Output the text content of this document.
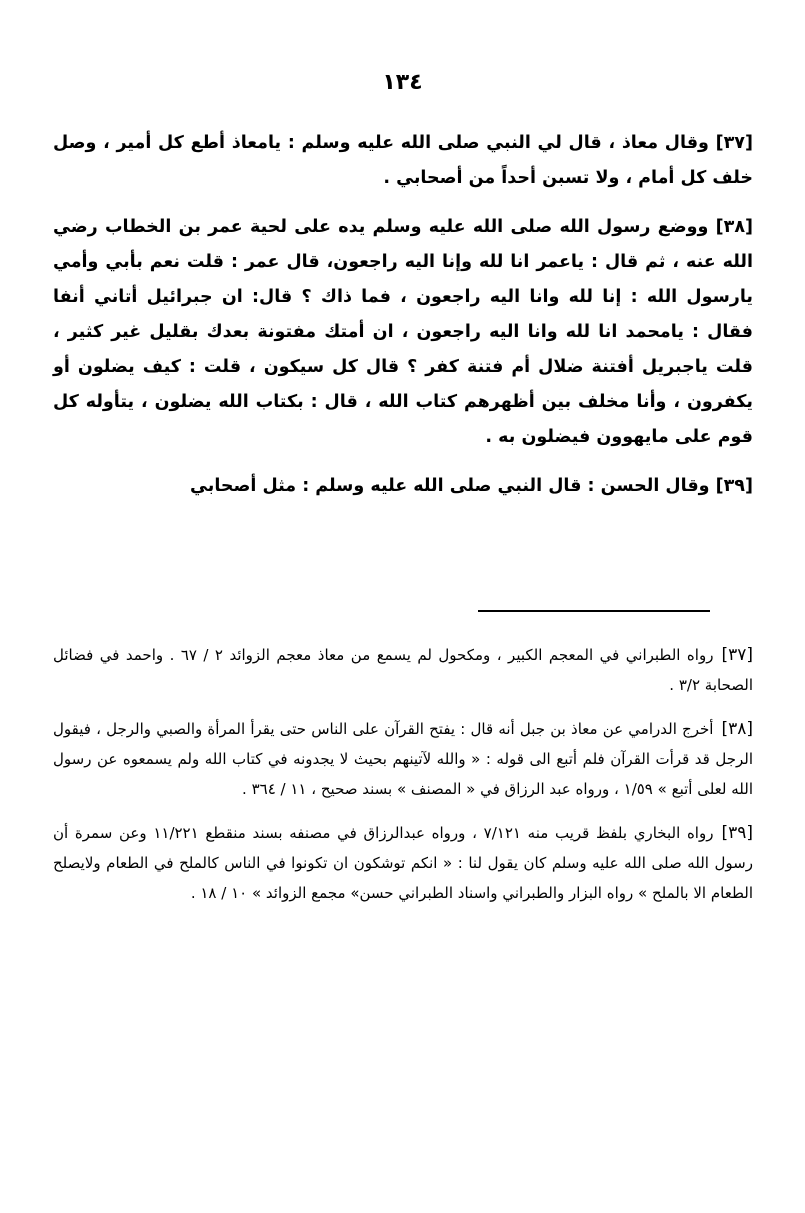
١٣٤

[٣٧] وقال معاذ ، قال لي النبي صلى الله عليه وسلم : يامعاذ أطع كل أمير ، وصل خلف كل أمام ، ولا تسبن أحداً من أصحابي .

[٣٨] ووضع رسول الله صلى الله عليه وسلم يده على لحية عمر بن الخطاب رضي الله عنه ، ثم قال : ياعمر انا لله وإنا اليه راجعون، قال عمر : قلت نعم بأبي وأمي يارسول الله : إنا لله وانا اليه راجعون ، فما ذاك ؟ قال: ان جبرائيل أتاني أنفا فقال : يامحمد انا لله وانا اليه راجعون ، ان أمتك مفتونة بعدك بقليل غير كثير ، قلت ياجبريل أفتنة ضلال أم فتنة كفر ؟ قال كل سيكون ، قلت : كيف يضلون أو يكفرون ، وأنا مخلف بين أظهرهم كتاب الله ، قال : بكتاب الله يضلون ، يتأوله كل قوم على مايهوون فيضلون به .

[٣٩] وقال الحسن : قال النبي صلى الله عليه وسلم : مثل أصحابي

[٣٧]رواه الطبراني في المعجم الكبير ، ومكحول لم يسمع من معاذ معجم الزوائد ٢ / ٦٧ . واحمد في فضائل الصحابة ٣/٢ .
[٣٨]أخرج الدرامي عن معاذ بن جبل أنه قال : يفتح القرآن على الناس حتى يقرأ المرأة والصبي والرجل ، فيقول الرجل قد قرأت القرآن فلم أتبع الى قوله : « والله لآتينهم بحيث لا يجدونه في كتاب الله ولم يسمعوه عن رسول الله لعلى أتبع » ١/٥٩ ، ورواه عبد الرزاق في « المصنف » بسند صحيح ، ١١ / ٣٦٤ .
[٣٩]رواه البخاري بلفظ قريب منه ٧/١٢١ ، ورواه عبدالرزاق في مصنفه بسند منقطع ١١/٢٢١ وعن سمرة أن رسول الله صلى الله عليه وسلم كان يقول لنا : « انكم توشكون ان تكونوا في الناس كالملح في الطعام ولايصلح الطعام الا بالملح » رواه البزار والطبراني واسناد الطبراني حسن» مجمع الزوائد » ١٠ / ١٨ .
